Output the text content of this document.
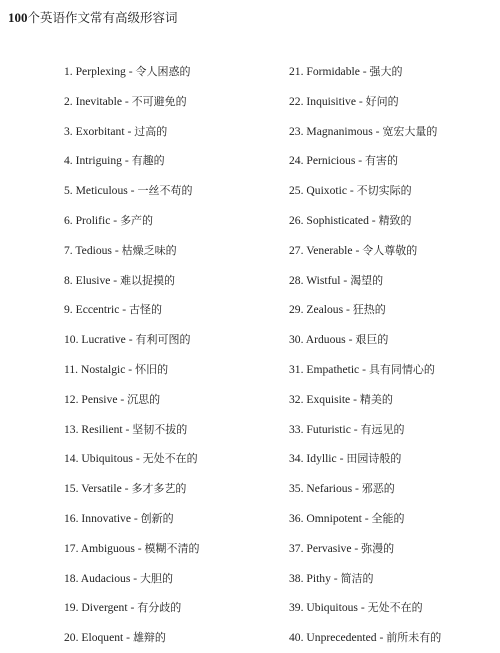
100个英语作文常有高级形容词
1. Perplexing - 令人困惑的
2. Inevitable - 不可避免的
3. Exorbitant - 过高的
4. Intriguing - 有趣的
5. Meticulous - 一丝不苟的
6. Prolific - 多产的
7. Tedious - 枯燥乏味的
8. Elusive - 难以捉摸的
9. Eccentric - 古怪的
10. Lucrative - 有利可图的
11. Nostalgic - 怀旧的
12. Pensive - 沉思的
13. Resilient - 坚韧不拔的
14. Ubiquitous - 无处不在的
15. Versatile - 多才多艺的
16. Innovative - 创新的
17. Ambiguous - 模糊不清的
18. Audacious - 大胆的
19. Divergent - 有分歧的
20. Eloquent - 雄辩的
21. Formidable - 强大的
22. Inquisitive - 好问的
23. Magnanimous - 宽宏大量的
24. Pernicious - 有害的
25. Quixotic - 不切实际的
26. Sophisticated - 精致的
27. Venerable - 令人尊敬的
28. Wistful - 渴望的
29. Zealous - 狂热的
30. Arduous - 艰巨的
31. Empathetic - 具有同情心的
32. Exquisite - 精美的
33. Futuristic - 有远见的
34. Idyllic - 田园诗般的
35. Nefarious - 邪恶的
36. Omnipotent - 全能的
37. Pervasive - 弥漫的
38. Pithy - 简洁的
39. Ubiquitous - 无处不在的
40. Unprecedented - 前所未有的
